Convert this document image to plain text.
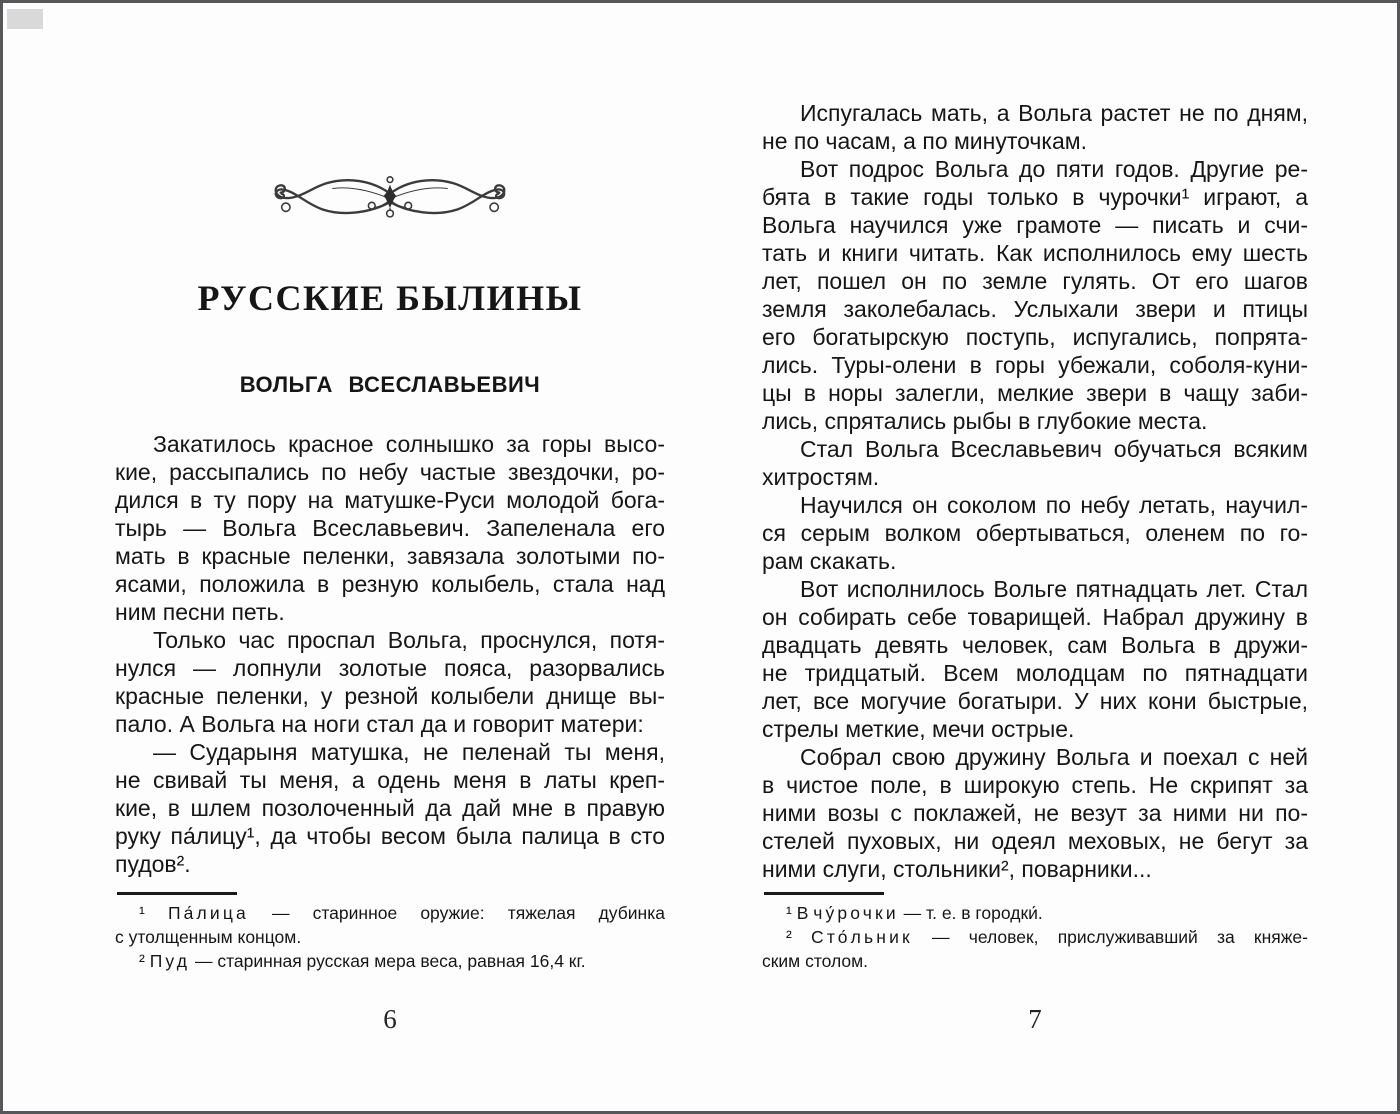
РУССКИЕ БЫЛИНЫ
ВОЛЬГА ВСЕСЛАВЬЕВИЧ
Закатилось красное солнышко за горы высо-
кие, рассыпались по небу частые звездочки, ро-
дился в ту пору на матушке-Руси молодой бога-
тырь — Вольга Всеславьевич. Запеленала его
мать в красные пеленки, завязала золотыми по-
ясами, положила в резную колыбель, стала над
ним песни петь.
Только час проспал Вольга, проснулся, потя-
нулся — лопнули золотые пояса, разорвались
красные пеленки, у резной колыбели днище вы-
пало. А Вольга на ноги стал да и говорит матери:
— Сударыня матушка, не пеленай ты меня,
не свивай ты меня, а одень меня в латы креп-
кие, в шлем позолоченный да дай мне в правую
руку па́лицу¹, да чтобы весом была палица в сто
пудов².
¹ Па́лица — старинное оружие: тяжелая дубинка
с утолщенным концом.
² Пуд — старинная русская мера веса, равная 16,4 кг.
6
Испугалась мать, а Вольга растет не по дням,
не по часам, а по минуточкам.
Вот подрос Вольга до пяти годов. Другие ре-
бята в такие годы только в чурочки¹ играют, а
Вольга научился уже грамоте — писать и счи-
тать и книги читать. Как исполнилось ему шесть
лет, пошел он по земле гулять. От его шагов
земля заколебалась. Услыхали звери и птицы
его богатырскую поступь, испугались, попрята-
лись. Туры-олени в горы убежали, соболя-куни-
цы в норы залегли, мелкие звери в чащу заби-
лись, спрятались рыбы в глубокие места.
Стал Вольга Всеславьевич обучаться всяким
хитростям.
Научился он соколом по небу летать, научил-
ся серым волком обертываться, оленем по го-
рам скакать.
Вот исполнилось Вольге пятнадцать лет. Стал
он собирать себе товарищей. Набрал дружину в
двадцать девять человек, сам Вольга в дружи-
не тридцатый. Всем молодцам по пятнадцати
лет, все могучие богатыри. У них кони быстрые,
стрелы меткие, мечи острые.
Собрал свою дружину Вольга и поехал с ней
в чистое поле, в широкую степь. Не скрипят за
ними возы с поклажей, не везут за ними ни по-
стелей пуховых, ни одеял меховых, не бегут за
ними слуги, стольники², поварники...
¹ В чу́рочки — т. е. в городки́.
² Сто́льник — человек, прислуживавший за княже-
ским столом.
7
